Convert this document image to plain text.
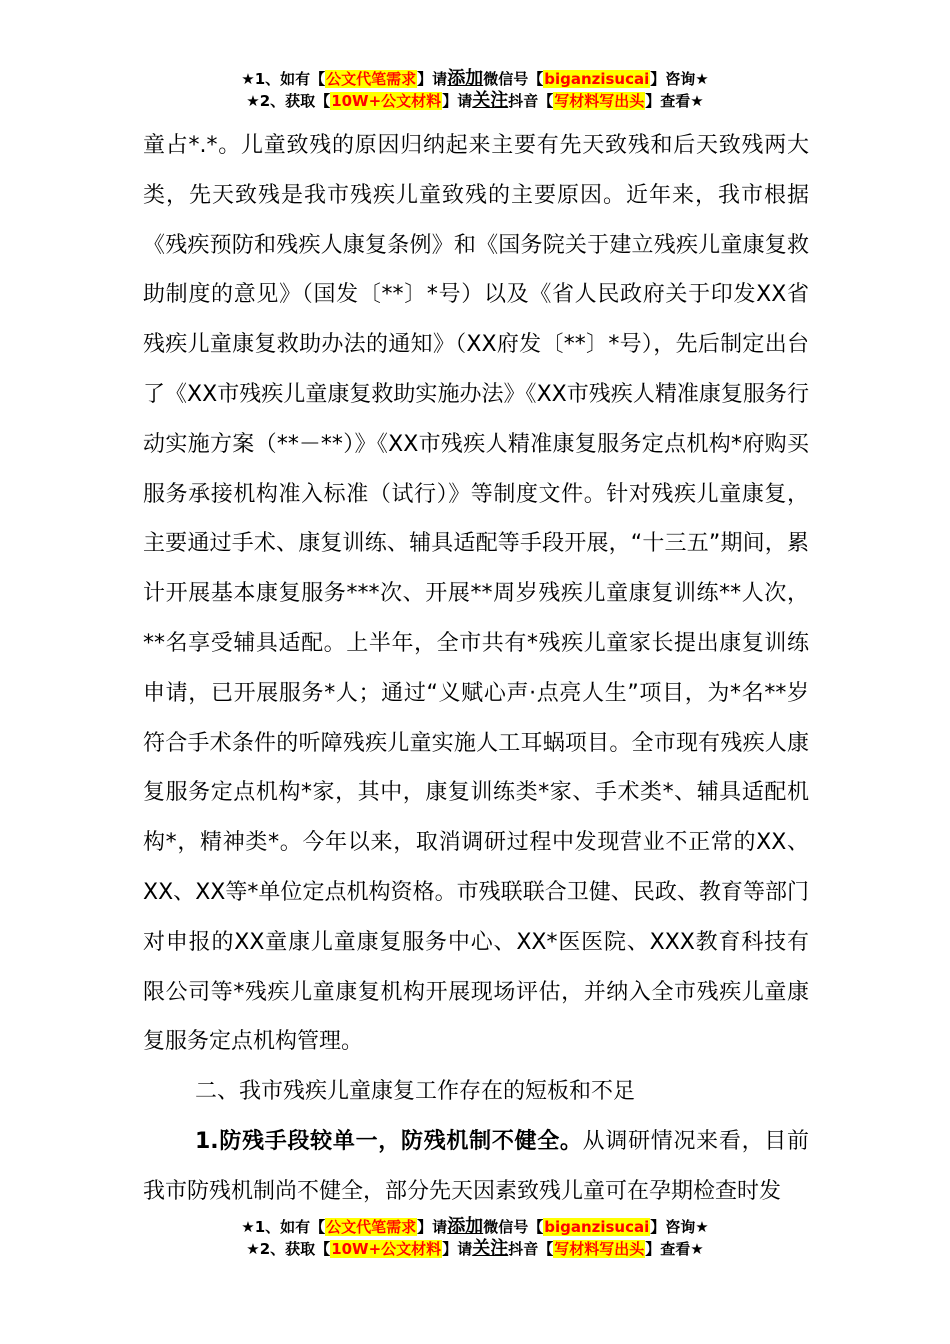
★1、如有【公文代笔需求】请添加微信号【biganzisucai】咨询★
★2、获取【10W+公文材料】请关注抖音【写材料写出头】查看★

童占*.*。儿童致残的原因归纳起来主要有先天致残和后天致残两大类，先天致残是我市残疾儿童致残的主要原因。近年来，我市根据《残疾预防和残疾人康复条例》和《国务院关于建立残疾儿童康复救助制度的意见》（国发〔**〕*号）以及《省人民政府关于印发XX省残疾儿童康复救助办法的通知》（XX府发〔**〕*号），先后制定出台了《XX市残疾儿童康复救助实施办法》《XX市残疾人精准康复服务行动实施方案（**－**）》《XX市残疾人精准康复服务定点机构*府购买服务承接机构准入标准（试行）》等制度文件。针对残疾儿童康复，主要通过手术、康复训练、辅具适配等手段开展，“十三五”期间，累计开展基本康复服务***次、开展**周岁残疾儿童康复训练**人次，**名享受辅具适配。上半年，全市共有*残疾儿童家长提出康复训练申请，已开展服务*人；通过“义赋心声·点亮人生”项目，为*名**岁符合手术条件的听障残疾儿童实施人工耳蜗项目。全市现有残疾人康复服务定点机构*家，其中，康复训练类*家、手术类*、辅具适配机构*，精神类*。今年以来，取消调研过程中发现营业不正常的XX、XX、XX等*单位定点机构资格。市残联联合卫健、民政、教育等部门对申报的XX童康儿童康复服务中心、XX*医医院、XXX教育科技有限公司等*残疾儿童康复机构开展现场评估，并纳入全市残疾儿童康复服务定点机构管理。

二、我市残疾儿童康复工作存在的短板和不足

1.防残手段较单一，防残机制不健全。从调研情况来看，目前我市防残机制尚不健全，部分先天因素致残儿童可在孕期检查时发

★1、如有【公文代笔需求】请添加微信号【biganzisucai】咨询★
★2、获取【10W+公文材料】请关注抖音【写材料写出头】查看★
